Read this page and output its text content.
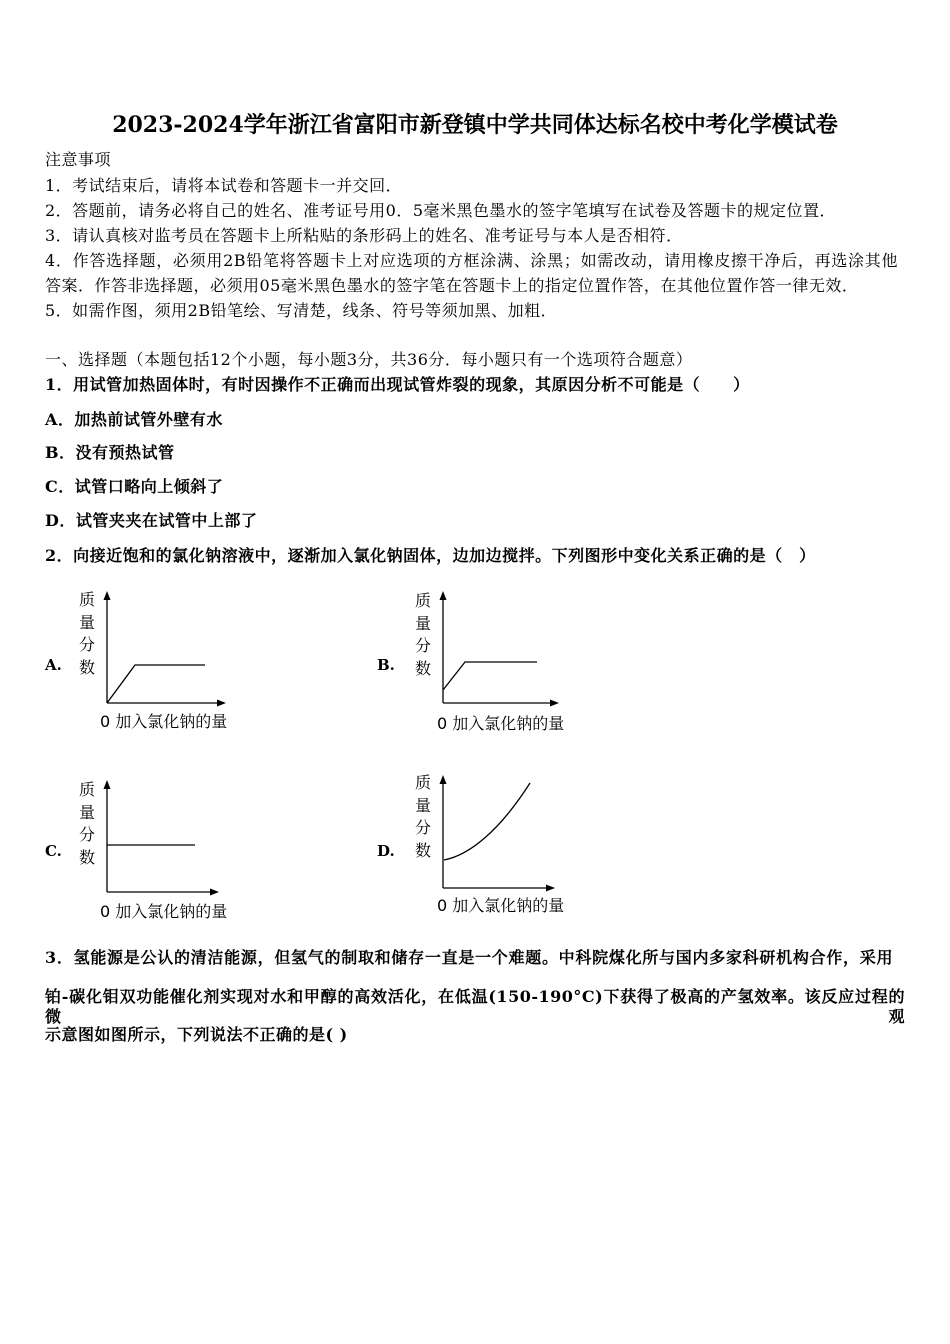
2023-2024学年浙江省富阳市新登镇中学共同体达标名校中考化学模试卷
注意事项
1．考试结束后，请将本试卷和答题卡一并交回．
2．答题前，请务必将自己的姓名、准考证号用0．5毫米黑色墨水的签字笔填写在试卷及答题卡的规定位置．
3．请认真核对监考员在答题卡上所粘贴的条形码上的姓名、准考证号与本人是否相符．
4．作答选择题，必须用2B铅笔将答题卡上对应选项的方框涂满、涂黑；如需改动，请用橡皮擦干净后，再选涂其他
答案．作答非选择题，必须用05毫米黑色墨水的签字笔在答题卡上的指定位置作答，在其他位置作答一律无效．
5．如需作图，须用2B铅笔绘、写清楚，线条、符号等须加黑、加粗．
一、选择题（本题包括12个小题，每小题3分，共36分．每小题只有一个选项符合题意）
1．用试管加热固体时，有时因操作不正确而出现试管炸裂的现象，其原因分析不可能是（　　）
A．加热前试管外壁有水
B．没有预热试管
C．试管口略向上倾斜了
D．试管夹夹在试管中上部了
2．向接近饱和的氯化钠溶液中，逐渐加入氯化钠固体，边加边搅拌。下列图形中变化关系正确的是（　）
A.
质量分数
0 加入氯化钠的量
B.
质量分数
0 加入氯化钠的量
C.
质量分数
0 加入氯化钠的量
D.
质量分数
0 加入氯化钠的量
3．氢能源是公认的清洁能源，但氢气的制取和储存一直是一个难题。中科院煤化所与国内多家科研机构合作，采用
铂-碳化钼双功能催化剂实现对水和甲醇的高效活化，在低温(150-190°C)下获得了极高的产氢效率。该反应过程的微观
示意图如图所示，下列说法不正确的是( )
